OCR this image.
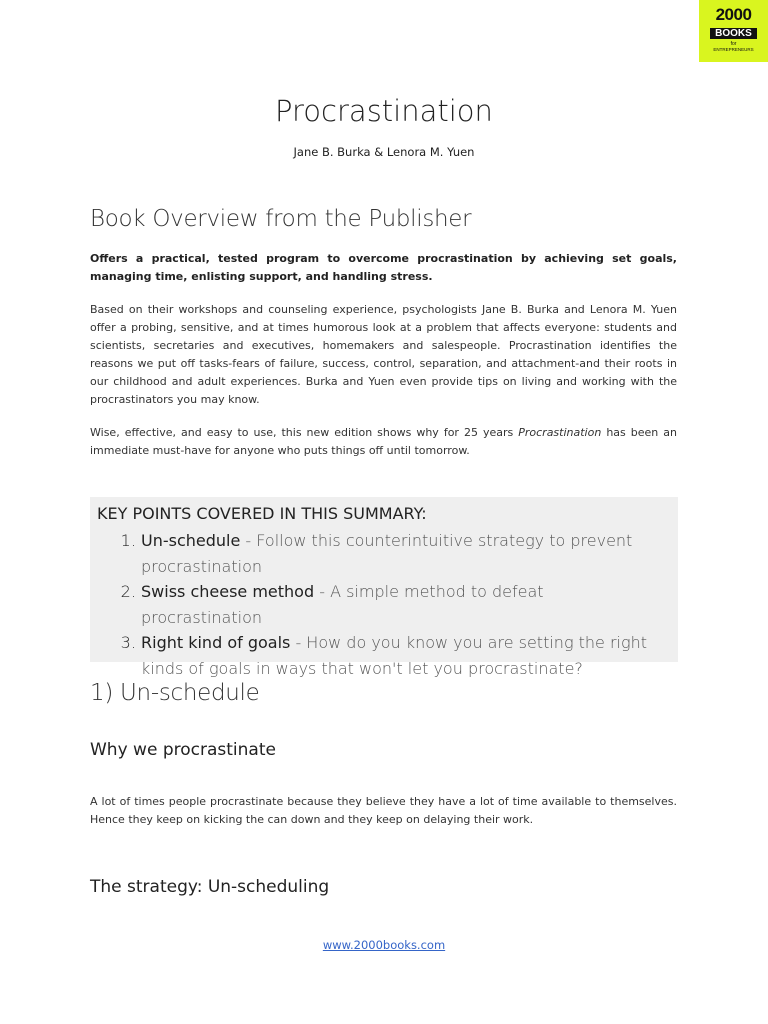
2000
BOOKS
for
ENTREPRENEURS
Procrastination
Jane B. Burka & Lenora M. Yuen
Book Overview from the Publisher
Offers a practical, tested program to overcome procrastination by achieving set goals, managing time, enlisting support, and handling stress.
Based on their workshops and counseling experience, psychologists Jane B. Burka and Lenora M. Yuen offer a probing, sensitive, and at times humorous look at a problem that affects everyone: students and scientists, secretaries and executives, homemakers and salespeople. Procrastination identifies the reasons we put off tasks-fears of failure, success, control, separation, and attachment-and their roots in our childhood and adult experiences. Burka and Yuen even provide tips on living and working with the procrastinators you may know.
Wise, effective, and easy to use, this new edition shows why for 25 years Procrastination has been an immediate must-have for anyone who puts things off until tomorrow.
KEY POINTS COVERED IN THIS SUMMARY:
1. Un-schedule - Follow this counterintuitive strategy to prevent procrastination
2. Swiss cheese method - A simple method to defeat procrastination
3. Right kind of goals - How do you know you are setting the right kinds of goals in ways that won't let you procrastinate?
1) Un-schedule
Why we procrastinate
A lot of times people procrastinate because they believe they have a lot of time available to themselves. Hence they keep on kicking the can down and they keep on delaying their work.
The strategy: Un-scheduling
www.2000books.com
